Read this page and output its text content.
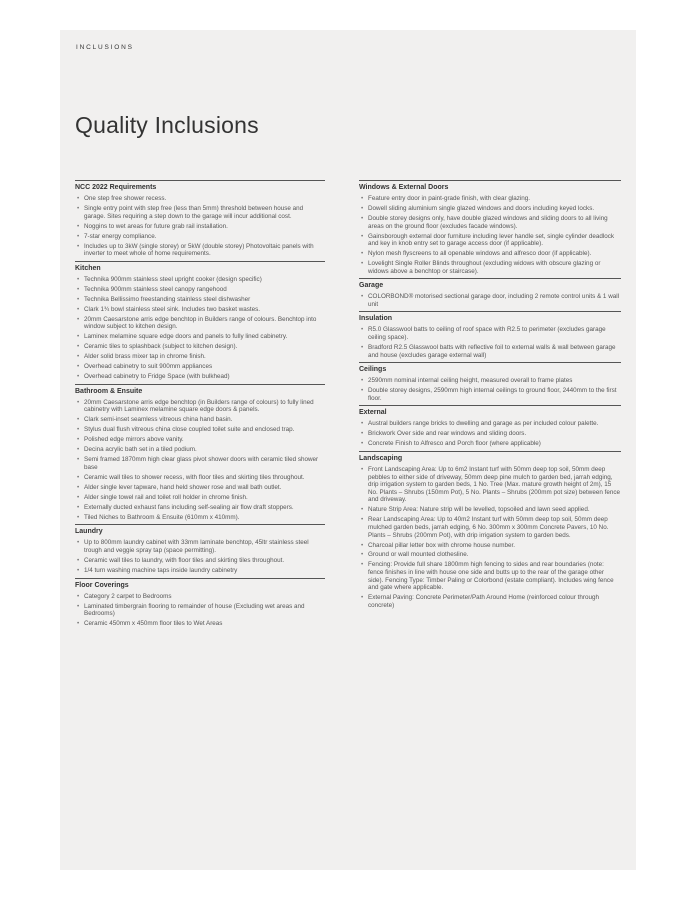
INCLUSIONS
Quality Inclusions
NCC 2022 Requirements
• One step free shower recess.
• Single entry point with step free (less than 5mm) threshold between house and garage. Sites requiring a step down to the garage will incur additional cost.
• Noggins to wet areas for future grab rail installation.
• 7-star energy compliance.
• Includes up to 3kW (single storey) or 5kW (double storey) Photovoltaic panels with inverter to meet whole of home requirements.
Kitchen
• Technika 900mm stainless steel upright cooker (design specific)
• Technika 900mm stainless steel canopy rangehood
• Technika Bellissimo freestanding stainless steel dishwasher
• Clark 1¾ bowl stainless steel sink. Includes two basket wastes.
• 20mm Caesarstone arris edge benchtop in Builders range of colours. Benchtop into window subject to kitchen design.
• Laminex melamine square edge doors and panels to fully lined cabinetry.
• Ceramic tiles to splashback (subject to kitchen design).
• Alder solid brass mixer tap in chrome finish.
• Overhead cabinetry to suit 900mm appliances
• Overhead cabinetry to Fridge Space (with bulkhead)
Bathroom & Ensuite
• 20mm Caesarstone arris edge benchtop (in Builders range of colours) to fully lined cabinetry with Laminex melamine square edge doors & panels.
• Clark semi-inset seamless vitreous china hand basin.
• Stylus dual flush vitreous china close coupled toilet suite and enclosed trap.
• Polished edge mirrors above vanity.
• Decina acrylic bath set in a tiled podium.
• Semi framed 1870mm high clear glass pivot shower doors with ceramic tiled shower base
• Ceramic wall tiles to shower recess, with floor tiles and skirting tiles throughout.
• Alder single lever tapware, hand held shower rose and wall bath outlet.
• Alder single towel rail and toilet roll holder in chrome finish.
• Externally ducted exhaust fans including self-sealing air flow draft stoppers.
• Tiled Niches to Bathroom & Ensuite (610mm x 410mm).
Laundry
• Up to 800mm laundry cabinet with 33mm laminate benchtop, 45ltr stainless steel trough and veggie spray tap (space permitting).
• Ceramic wall tiles to laundry, with floor tiles and skirting tiles throughout.
• 1/4 turn washing machine taps inside laundry cabinetry
Floor Coverings
• Category 2 carpet to Bedrooms
• Laminated timbergrain flooring to remainder of house (Excluding wet areas and Bedrooms)
• Ceramic 450mm x 450mm floor tiles to Wet Areas
Windows & External Doors
• Feature entry door in paint-grade finish, with clear glazing.
• Dowell sliding aluminium single glazed windows and doors including keyed locks.
• Double storey designs only, have double glazed windows and sliding doors to all living areas on the ground floor (excludes facade windows).
• Gainsborough external door furniture including lever handle set, single cylinder deadlock and key in knob entry set to garage access door (if applicable).
• Nylon mesh flyscreens to all openable windows and alfresco door (if applicable).
• Lovelight Single Roller Blinds throughout (excluding widows with obscure glazing or widows above a benchtop or staircase).
Garage
• COLORBOND® motorised sectional garage door, including 2 remote control units & 1 wall unit
Insulation
• R5.0 Glasswool batts to ceiling of roof space with R2.5 to perimeter (excludes garage ceiling space).
• Bradford R2.5 Glasswool batts with reflective foil to external walls & wall between garage and house (excludes garage external wall)
Ceilings
• 2590mm nominal internal ceiling height, measured overall to frame plates
• Double storey designs, 2590mm high internal ceilings to ground floor, 2440mm to the first floor.
External
• Austral builders range bricks to dwelling and garage as per included colour palette.
• Brickwork Over side and rear windows and sliding doors.
• Concrete Finish to Alfresco and Porch floor (where applicable)
Landscaping
• Front Landscaping Area: Up to 6m2 Instant turf with 50mm deep top soil, 50mm deep pebbles to either side of driveway, 50mm deep pine mulch to garden bed, jarrah edging, drip irrigation system to garden beds, 1 No. Tree (Max. mature growth height of 2m), 15 No. Plants – Shrubs (150mm Pot), 5 No. Plants – Shrubs (200mm pot size) between fence and driveway.
• Nature Strip Area: Nature strip will be levelled, topsoiled and lawn seed applied.
• Rear Landscaping Area: Up to 40m2 Instant turf with 50mm deep top soil, 50mm deep mulched garden beds, jarrah edging, 6 No. 300mm x 300mm Concrete Pavers, 10 No. Plants – Shrubs (200mm Pot), with drip irrigation system to garden beds.
• Charcoal pillar letter box with chrome house number.
• Ground or wall mounted clothesline.
• Fencing: Provide full share 1800mm high fencing to sides and rear boundaries (note: fence finishes in line with house one side and butts up to the rear of the garage other side). Fencing Type: Timber Paling or Colorbond (estate compliant). Includes wing fence and gate where applicable.
• External Paving: Concrete Perimeter/Path Around Home (reinforced colour through concrete)
